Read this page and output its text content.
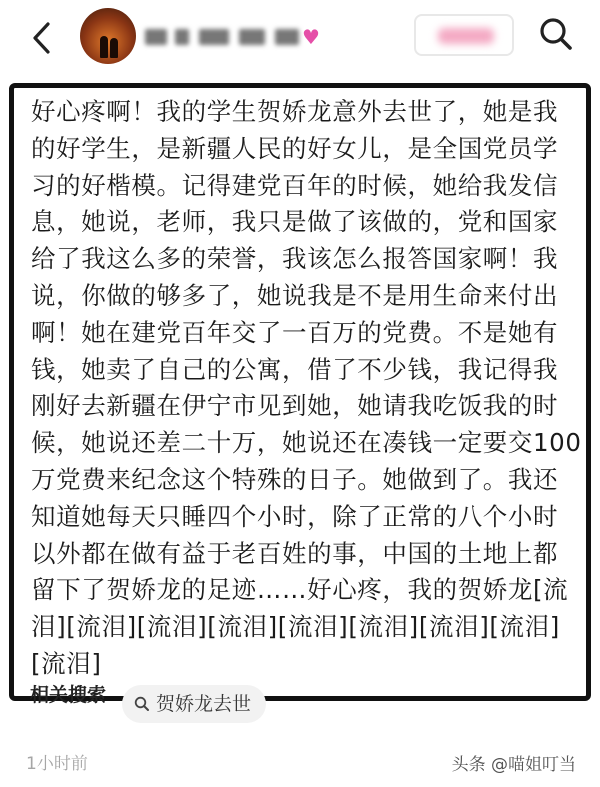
♥

好心疼啊！我的学生贺娇龙意外去世了，她是我的好学生，是新疆人民的好女儿，是全国党员学习的好楷模。记得建党百年的时候，她给我发信息，她说，老师，我只是做了该做的，党和国家给了我这么多的荣誉，我该怎么报答国家啊！我说，你做的够多了，她说我是不是用生命来付出啊！她在建党百年交了一百万的党费。不是她有钱，她卖了自己的公寓，借了不少钱，我记得我刚好去新疆在伊宁市见到她，她请我吃饭我的时候，她说还差二十万，她说还在凑钱一定要交100万党费来纪念这个特殊的日子。她做到了。我还知道她每天只睡四个小时，除了正常的八个小时以外都在做有益于老百姓的事，中国的土地上都留下了贺娇龙的足迹……好心疼，我的贺娇龙[流泪][流泪][流泪][流泪][流泪][流泪][流泪][流泪][流泪]

相关搜索	贺娇龙去世
1小时前	头条 @喵姐叮当
